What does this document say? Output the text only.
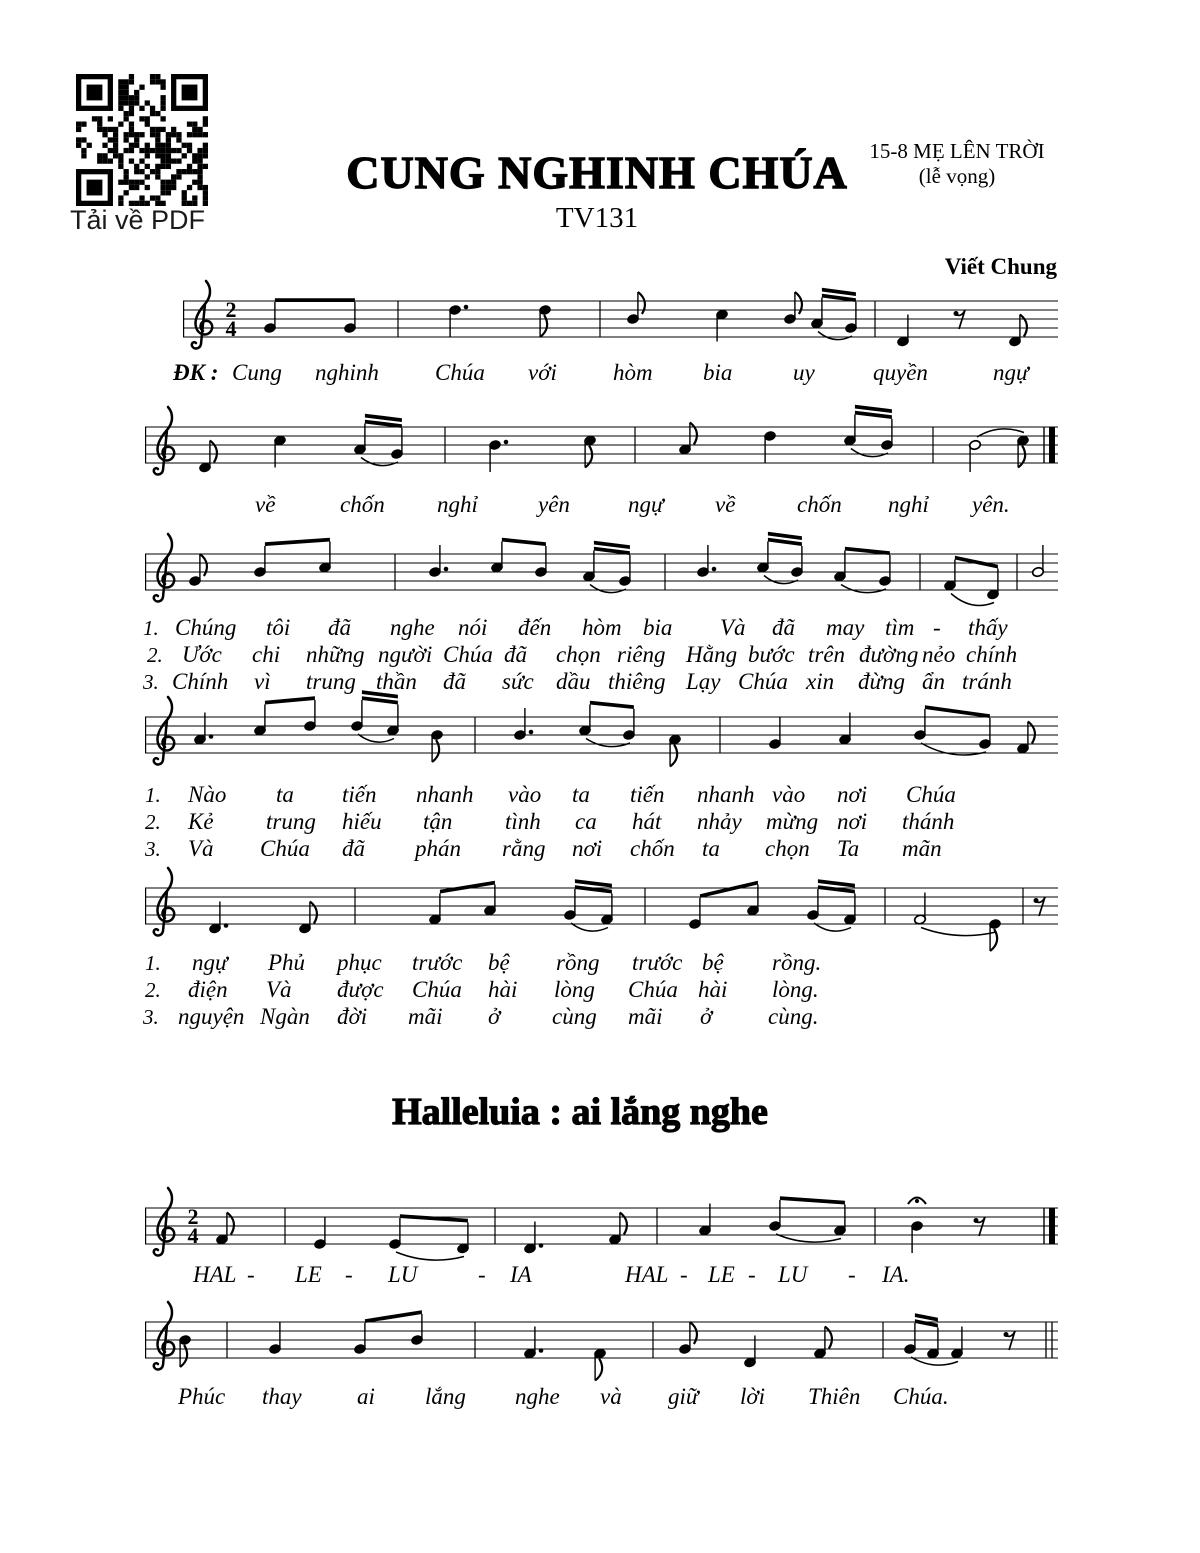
Tải về PDF
CUNG NGHINH CHÚA
TV131
15-8 MẸ LÊN TRỜI
(lễ vọng)
Viết Chung
Halleluia : ai lắng nghe
2
4
ĐK : Cung nghinh Chúa với hòm bia	uy	quyền	ngự
về	chốn nghỉ	yên	ngự về	chốn nghỉ yên.
1. Chúng tôi đã nghe nói đến hòm bia Và đã may tìm - thấy
2. Ước chi những người Chúa đã chọn riêng Hằng bước trên đường nẻo chính
3. Chính vì trung thần đã sức dầu thiêng Lạy Chúa xin đừng ẩn tránh
1. Nào ta tiến nhanh vào ta tiến nhanh vào nơi Chúa
2. Kẻ trung hiếu tận tình ca hát nhảy mừng nơi thánh
3. Và Chúa đã phán rằng nơi chốn ta chọn Ta mãn
1. ngự Phủ phục trước bệ rồng trước bệ rồng.
2. điện Và được Chúa hài lòng Chúa hài lòng.
3. nguyện Ngàn đời mãi ở cùng mãi ở cùng.
2
4
HAL - LE - LU	- IA	HAL - LE - LU - IA.
Phúc thay ai lắng nghe và giữ lời Thiên Chúa.
